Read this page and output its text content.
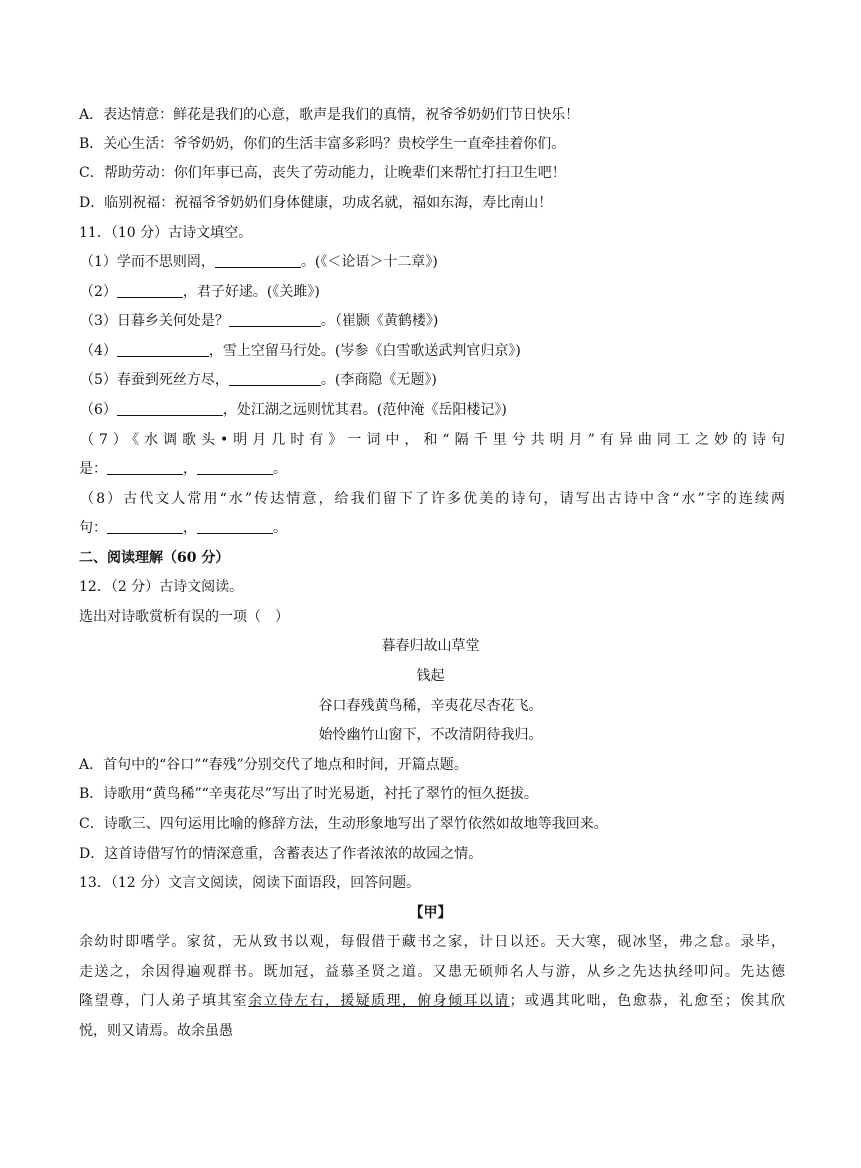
A．表达情意：鲜花是我们的心意，歌声是我们的真情，祝爷爷奶奶们节日快乐！
B．关心生活：爷爷奶奶，你们的生活丰富多彩吗？贵校学生一直牵挂着你们。
C．帮助劳动：你们年事已高，丧失了劳动能力，让晚辈们来帮忙打扫卫生吧！
D．临别祝福：祝福爷爷奶奶们身体健康，功成名就，福如东海，寿比南山！
11．（10 分）古诗文填空。
（1）学而不思则罔，	。(《＜论语＞十二章》)
（2）	，君子好逑。(《关雎》)
（3）日暮乡关何处是？	。（崔颢《黄鹤楼》)
（4）	，雪上空留马行处。(岑参《白雪歌送武判官归京》)
（5）春蚕到死丝方尽，	。(李商隐《无题》)
（6）	，处江湖之远则忧其君。(范仲淹《岳阳楼记》)
（7）《水调歌头•明月几时有》一词中，和“隔千里兮共明月”有异曲同工之妙的诗句
是：	，	。
（8）古代文人常用“水”传达情意，给我们留下了许多优美的诗句，请写出古诗中含“水”字的连续两
句：	，	。
二、阅读理解（60 分）
12．（2 分）古诗文阅读。
选出对诗歌赏析有误的一项（　）
暮春归故山草堂
钱起
谷口春残黄鸟稀，辛夷花尽杏花飞。
始怜幽竹山窗下，不改清阴待我归。
A．首句中的“谷口”“春残”分别交代了地点和时间，开篇点题。
B．诗歌用“黄鸟稀”“辛夷花尽”写出了时光易逝，衬托了翠竹的恒久挺拔。
C．诗歌三、四句运用比喻的修辞方法，生动形象地写出了翠竹依然如故地等我回来。
D．这首诗借写竹的情深意重，含蓄表达了作者浓浓的故园之情。
13．（12 分）文言文阅读，阅读下面语段，回答问题。
【甲】
余幼时即嗜学。家贫，无从致书以观，每假借于藏书之家，计日以还。天大寒，砚冰坚，弗之怠。录毕，
走送之，余因得遍观群书。既加冠，益慕圣贤之道。又患无硕师名人与游，从乡之先达执经叩问。先达德
隆望尊，门人弟子填其室余立侍左右，援疑质理，俯身倾耳以请；或遇其叱咄，色愈恭，礼愈至；俟其欣
悦，则又请焉。故余虽愚
